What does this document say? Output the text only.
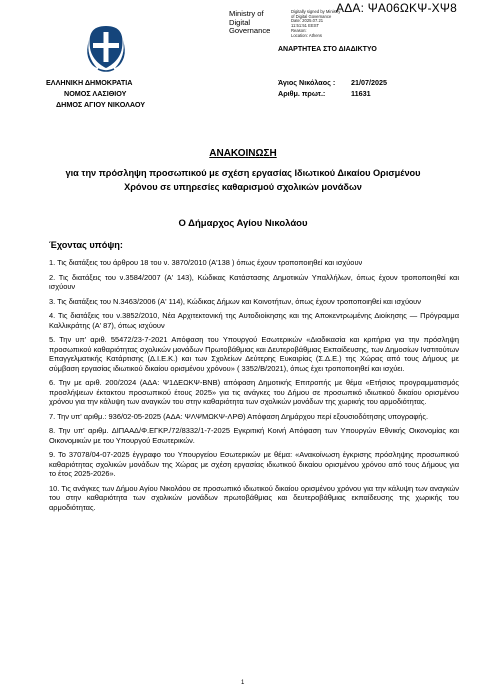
ΑΔΑ: ΨΑ06ΩΚΨ-ΧΨ8
Ministry of
Digital
Governance
Digitally signed by Ministry
of Digital Governance
Date: 2025.07.21
11:51:51 EEST
Reason:
Location: Athens
ΑΝΑΡΤΗΤΕΑ ΣΤΟ ΔΙΑΔΙΚΤΥΟ
ΕΛΛΗΝΙΚΗ ΔΗΜΟΚΡΑΤΙΑ
ΝΟΜΟΣ ΛΑΣΙΘΙΟΥ
ΔΗΜΟΣ ΑΓΙΟΥ ΝΙΚΟΛΑΟΥ
Άγιος Νικόλαος :	21/07/2025
Αριθμ. πρωτ.:	11631
ΑΝΑΚΟΙΝΩΣΗ
για την πρόσληψη προσωπικού με σχέση εργασίας Ιδιωτικού Δικαίου Ορισμένου
Χρόνου σε υπηρεσίες καθαρισμού σχολικών μονάδων
Ο Δήμαρχος Αγίου Νικολάου
Έχοντας υπόψη:
1. Τις διατάξεις του άρθρου 18 του ν. 3870/2010 (Α'138 ) όπως έχουν τροποποιηθεί και ισχύουν
2. Τις διατάξεις του ν.3584/2007 (Α' 143), Κώδικας Κατάστασης Δημοτικών Υπαλλήλων, όπως έχουν τροποποιηθεί και ισχύουν
3. Τις διατάξεις του Ν.3463/2006 (Α' 114), Κώδικας Δήμων και Κοινοτήτων, όπως έχουν τροποποιηθεί και ισχύουν
4. Τις διατάξεις του ν.3852/2010, Νέα Αρχιτεκτονική της Αυτοδιοίκησης και της Αποκεντρωμένης Διοίκησης — Πρόγραμμα Καλλικράτης (Α' 87), όπως ισχύουν
5. Την υπ' αριθ. 55472/23-7-2021 Απόφαση του Υπουργού Εσωτερικών «Διαδικασία και κριτήρια για την πρόσληψη προσωπικού καθαριότητας σχολικών μονάδων Πρωτοβάθμιας και Δευτεροβάθμιας Εκπαίδευσης, των Δημοσίων Ινστιτούτων Επαγγελματικής Κατάρτισης (Δ.Ι.Ε.Κ.) και των Σχολείων Δεύτερης Ευκαιρίας (Σ.Δ.Ε.) της Χώρας από τους Δήμους με σύμβαση εργασίας ιδιωτικού δικαίου ορισμένου χρόνου» ( 3352/Β/2021), όπως έχει τροποποιηθεί και ισχύει.
6. Την με αριθ. 200/2024 (ΑΔΑ: Ψ1ΔΕΩΚΨ-ΒΝΒ) απόφαση Δημοτικής Επιτροπής με θέμα «Ετήσιος προγραμματισμός προσλήψεων έκτακτου προσωπικού έτους 2025» για τις ανάγκες του Δήμου σε προσωπικό ιδιωτικού δικαίου ορισμένου χρόνου για την κάλυψη των αναγκών του στην καθαριότητα των σχολικών μονάδων της χωρικής του αρμοδιότητας.
7. Την υπ' αριθμ.: 936/02-05-2025 (ΑΔΑ: ΨΛΨΜΩΚΨ-ΛΡΘ) Απόφαση Δημάρχου περί εξουσιοδότησης υπογραφής.
8. Την υπ' αριθμ. ΔΙΠΑΑΔ/Φ.ΕΓΚΡ./72/8332/1-7-2025 Εγκριτική Κοινή Απόφαση των Υπουργών Εθνικής Οικονομίας και Οικονομικών με του Υπουργού Εσωτερικών.
9. Το 37078/04-07-2025 έγγραφο του Υπουργείου Εσωτερικών με θέμα: «Ανακοίνωση έγκρισης πρόσληψης προσωπικού καθαριότητας σχολικών μονάδων της Χώρας με σχέση εργασίας ιδιωτικού δικαίου ορισμένου χρόνου από τους Δήμους για το έτος 2025-2026».
10. Τις ανάγκες των Δήμου Αγίου Νικολάου σε προσωπικό ιδιωτικού δικαίου ορισμένου χρόνου για την κάλυψη των αναγκών του στην καθαριότητα των σχολικών μονάδων πρωτοβάθμιας και δευτεροβάθμιας εκπαίδευσης της χωρικής του αρμοδιότητας.
1
